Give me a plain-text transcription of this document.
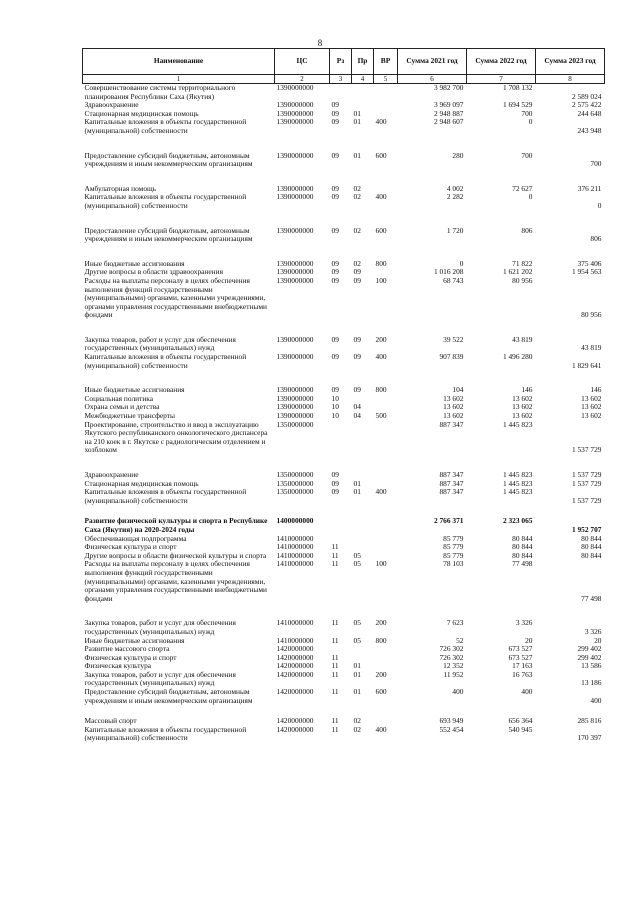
8
Наименование	ЦС	Рз	Пр	ВР	Сумма 2021 год	Сумма 2022 год	Сумма 2023 год
1	2	3	4	5	6	7	8
Совершенствование системы территориального планирования Республики Саха (Якутия)	1390000000				3 982 700	1 708 132	2 589 024
Здравоохранение	1390000000	09			3 969 097	1 694 529	2 575 422
Стационарная медицинская помощь	1390000000	09	01		2 948 887	700	244 648
Капитальные вложения в объекты государственной (муниципальной) собственности	1390000000	09	01	400	2 948 607	0	243 948
Предоставление субсидий бюджетным, автономным учреждениям и иным некоммерческим организациям	1390000000	09	01	600	280	700	700
Амбулаторная помощь	1390000000	09	02		4 002	72 627	376 211
Капитальные вложения в объекты государственной (муниципальной) собственности	1390000000	09	02	400	2 282	0	0
Предоставление субсидий бюджетным, автономным учреждениям и иным некоммерческим организациям	1390000000	09	02	600	1 720	806	806
Иные бюджетные ассигнования	1390000000	09	02	800	0	71 822	375 406
Другие вопросы в области здравоохранения	1390000000	09	09		1 016 208	1 621 202	1 954 563
Расходы на выплаты персоналу в целях обеспечения выполнения функций государственными (муниципальными) органами, казенными учреждениями, органами управления государственными внебюджетными фондами	1390000000	09	09	100	68 743	80 956	80 956
Закупка товаров, работ и услуг для обеспечения государственных (муниципальных) нужд	1390000000	09	09	200	39 522	43 819	43 819
Капитальные вложения в объекты государственной (муниципальной) собственности	1390000000	09	09	400	907 839	1 496 280	1 829 641
Иные бюджетные ассигнования	1390000000	09	09	800	104	146	146
Социальная политика	1390000000	10			13 602	13 602	13 602
Охрана семьи и детства	1390000000	10	04		13 602	13 602	13 602
Межбюджетные трансферты	1390000000	10	04	500	13 602	13 602	13 602
Проектирование, строительство и ввод в эксплуатацию Якутского республиканского онкологического диспансера на 210 коек в г. Якутске с радиологическим отделением и хозблоком	1350000000				887 347	1 445 823	1 537 729
Здравоохранение	1350000000	09			887 347	1 445 823	1 537 729
Стационарная медицинская помощь	1350000000	09	01		887 347	1 445 823	1 537 729
Капитальные вложения в объекты государственной (муниципальной) собственности	1350000000	09	01	400	887 347	1 445 823	1 537 729
Развитие физической культуры и спорта в Республике Саха (Якутия) на 2020-2024 годы	1400000000				2 766 371	2 323 065	1 952 707
Обеспечивающая подпрограмма	1410000000				85 779	80 844	80 844
Физическая культура и спорт	1410000000	11			85 779	80 844	80 844
Другие вопросы в области физической культуры и спорта	1410000000	11	05		85 779	80 844	80 844
Расходы на выплаты персоналу в целях обеспечения выполнения функций государственными (муниципальными) органами, казенными учреждениями, органами управления государственными внебюджетными фондами	1410000000	11	05	100	78 103	77 498	77 498
Закупка товаров, работ и услуг для обеспечения государственных (муниципальных) нужд	1410000000	11	05	200	7 623	3 326	3 326
Иные бюджетные ассигнования	1410000000	11	05	800	52	20	20
Развитие массового спорта	1420000000				726 302	673 527	299 402
Физическая культура и спорт	1420000000	11			726 302	673 527	299 402
Физическая культура	1420000000	11	01		12 352	17 163	13 586
Закупка товаров, работ и услуг для обеспечения государственных (муниципальных) нужд	1420000000	11	01	200	11 952	16 763	13 186
Предоставление субсидий бюджетным, автономным учреждениям и иным некоммерческим организациям	1420000000	11	01	600	400	400	400
Массовый спорт	1420000000	11	02		693 949	656 364	285 816
Капитальные вложения в объекты государственной (муниципальной) собственности	1420000000	11	02	400	552 454	540 945	170 397
